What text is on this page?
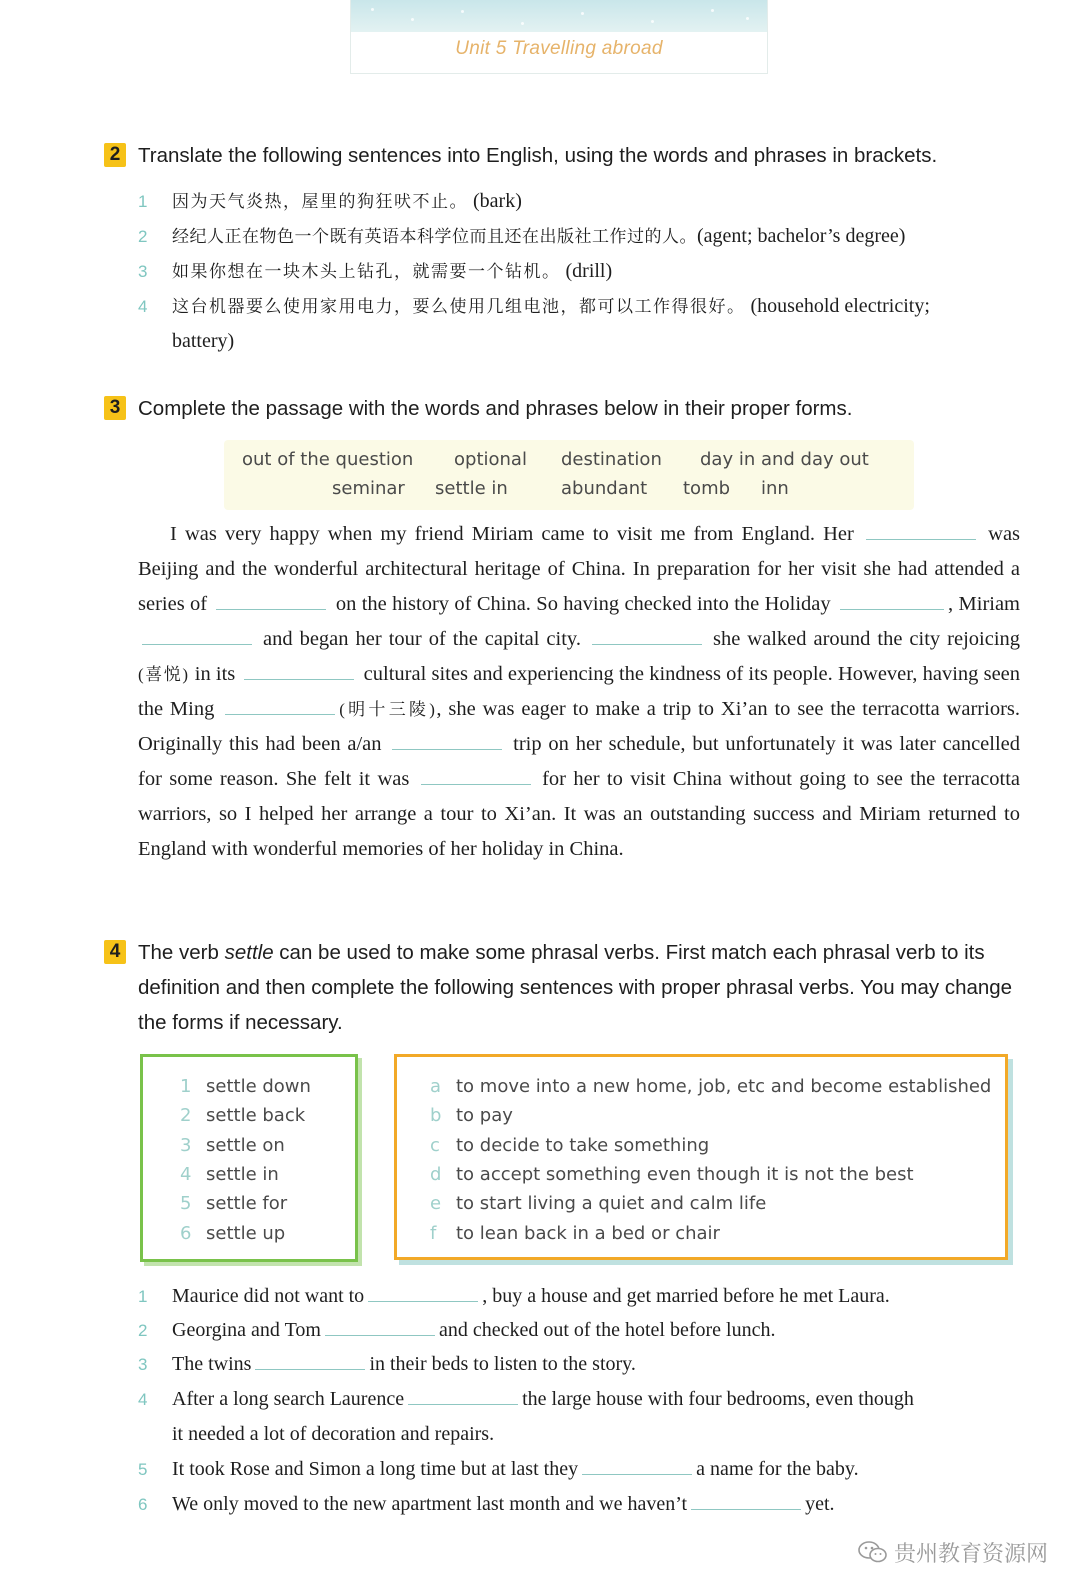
Unit 5 Travelling abroad
2 Translate the following sentences into English, using the words and phrases in brackets.
1 因为天气炎热，屋里的狗狂吠不止。 (bark)
2 经纪人正在物色一个既有英语本科学位而且还在出版社工作过的人。(agent; bachelor’s degree)
3 如果你想在一块木头上钻孔，就需要一个钻机。 (drill)
4 这台机器要么使用家用电力，要么使用几组电池，都可以工作得很好。 (household electricity;
battery)
3 Complete the passage with the words and phrases below in their proper forms.
out of the question optional destination day in and day out
seminar settle in	abundant tomb inn
I was very happy when my friend Miriam came to visit me from England. Her	was Beijing and the wonderful architectural heritage of China. In preparation for her visit she had attended a series of	on the history of China. So having checked into the Holiday	, Miriam  and began her tour of the capital city.	she walked around the city rejoicing (喜悦) in its	cultural sites and experiencing the kindness of its people. However, having seen the Ming	(明十三陵), she was eager to make a trip to Xi’an to see the terracotta warriors. Originally this had been a/an	trip on her schedule, but unfortunately it was later cancelled for some reason. She felt it was	for her to visit China without going to see the terracotta warriors, so I helped her arrange a tour to Xi’an. It was an outstanding success and Miriam returned to England with wonderful memories of her holiday in China.
4 The verb settle can be used to make some phrasal verbs. First match each phrasal verb to its definition and then complete the following sentences with proper phrasal verbs. You may change the forms if necessary.
1 settle down
2 settle back
3 settle on
4 settle in
5 settle for
6 settle up
a to move into a new home, job, etc and become established
b to pay
c to decide to take something
d to accept something even though it is not the best
e to start living a quiet and calm life
f to lean back in a bed or chair
1 Maurice did not want to	, buy a house and get married before he met Laura.
2 Georgina and Tom	and checked out of the hotel before lunch.
3 The twins	in their beds to listen to the story.
4 After a long search Laurence	the large house with four bedrooms, even though
it needed a lot of decoration and repairs.
5 It took Rose and Simon a long time but at last they	a name for the baby.
6 We only moved to the new apartment last month and we haven’t	yet.
贵州教育资源网
